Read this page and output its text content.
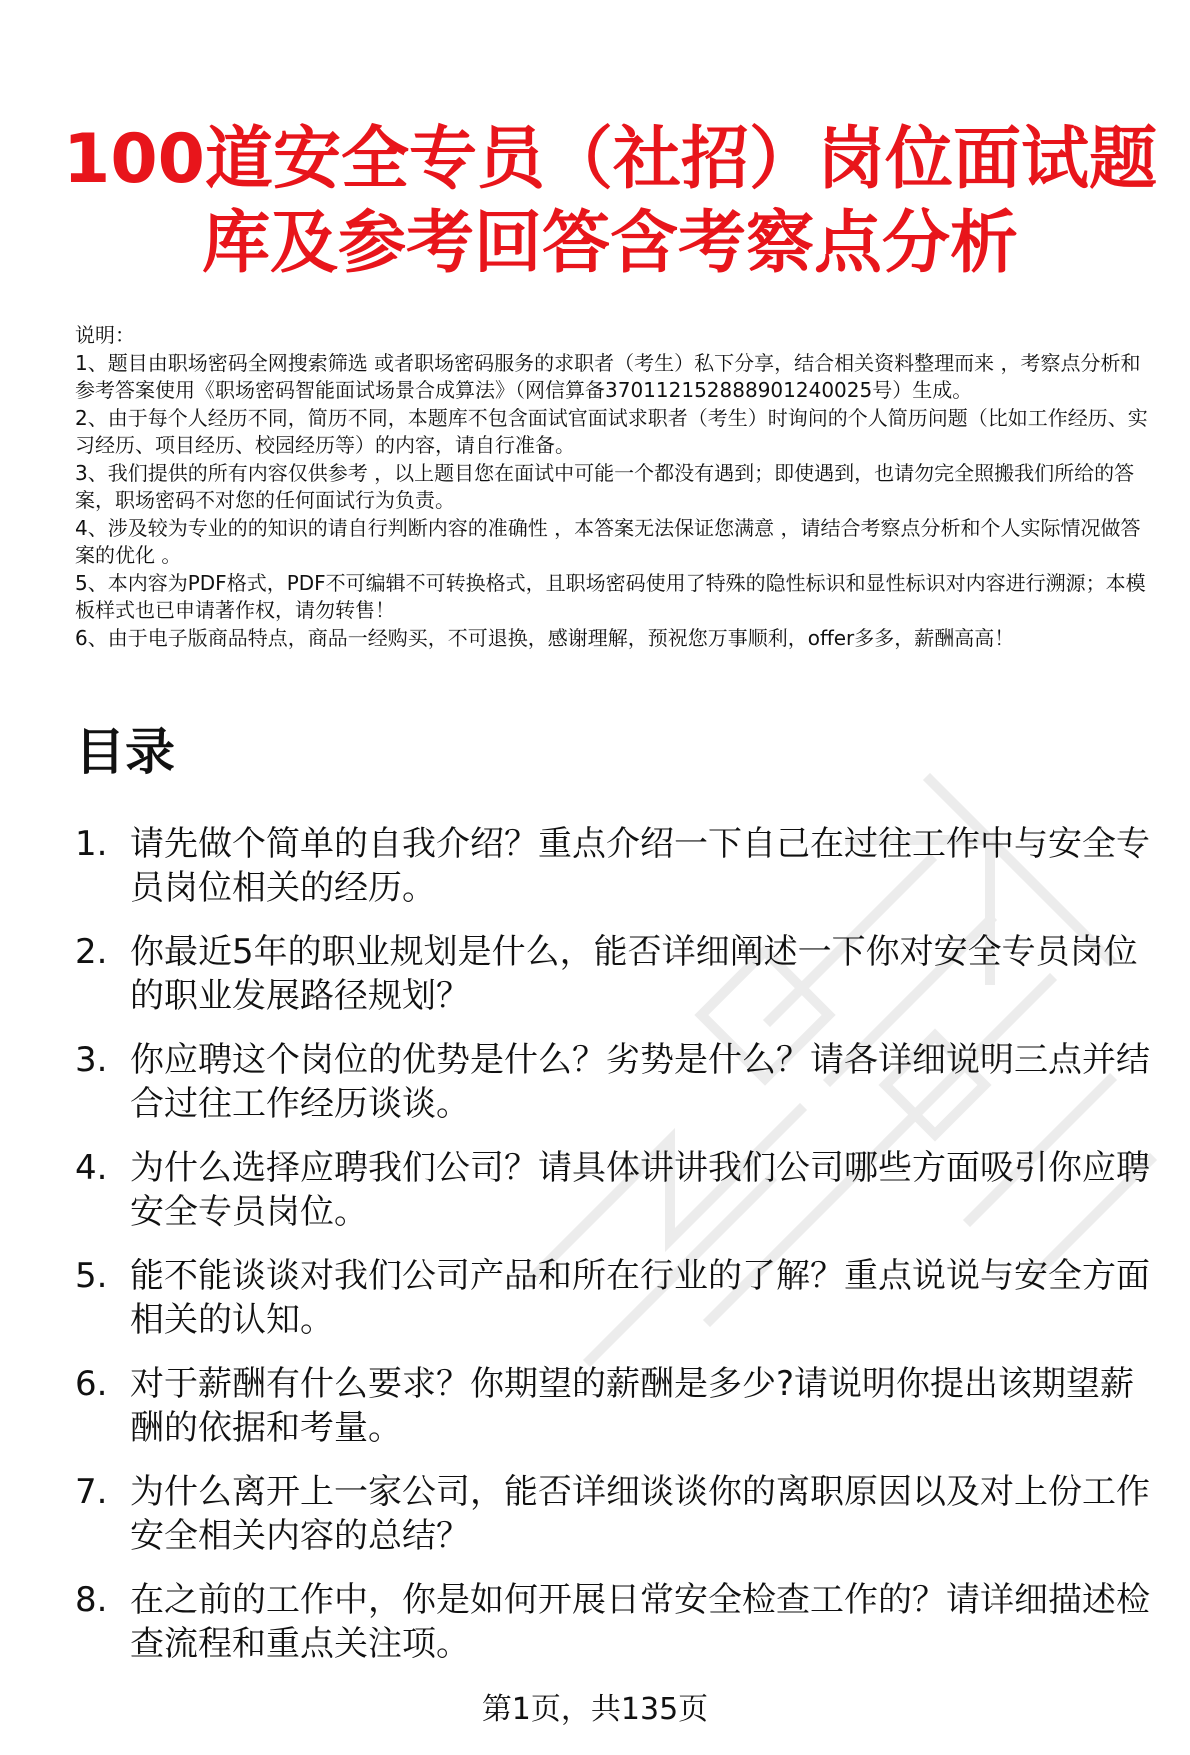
100道安全专员（社招）岗位面试题
库及参考回答含考察点分析
说明：
1、题目由职场密码全网搜索筛选 或者职场密码服务的求职者（考生）私下分享，结合相关资料整理而来 ，考察点分析和参考答案使用《职场密码智能面试场景合成算法》（网信算备370112152888901240025号）生成。
2、由于每个人经历不同，简历不同，本题库不包含面试官面试求职者（考生）时询问的个人简历问题（比如工作经历、实习经历、项目经历、校园经历等）的内容，请自行准备。
3、我们提供的所有内容仅供参考 ，以上题目您在面试中可能一个都没有遇到；即使遇到，也请勿完全照搬我们所给的答案，职场密码不对您的任何面试行为负责。
4、涉及较为专业的的知识的请自行判断内容的准确性 ，本答案无法保证您满意 ，请结合考察点分析和个人实际情况做答案的优化 。
5、本内容为PDF格式，PDF不可编辑不可转换格式，且职场密码使用了特殊的隐性标识和显性标识对内容进行溯源；本模板样式也已申请著作权，请勿转售！
6、由于电子版商品特点，商品一经购买，不可退换，感谢理解，预祝您万事顺利，offer多多，薪酬高高！
目录
1. 请先做个简单的自我介绍？重点介绍一下自己在过往工作中与安全专员岗位相关的经历。
2. 你最近5年的职业规划是什么，能否详细阐述一下你对安全专员岗位的职业发展路径规划？
3. 你应聘这个岗位的优势是什么？劣势是什么？请各详细说明三点并结合过往工作经历谈谈。
4. 为什么选择应聘我们公司？请具体讲讲我们公司哪些方面吸引你应聘安全专员岗位。
5. 能不能谈谈对我们公司产品和所在行业的了解？重点说说与安全方面相关的认知。
6. 对于薪酬有什么要求？你期望的薪酬是多少?请说明你提出该期望薪酬的依据和考量。
7. 为什么离开上一家公司，能否详细谈谈你的离职原因以及对上份工作安全相关内容的总结？
8. 在之前的工作中，你是如何开展日常安全检查工作的？请详细描述检查流程和重点关注项。
第1页，共135页
